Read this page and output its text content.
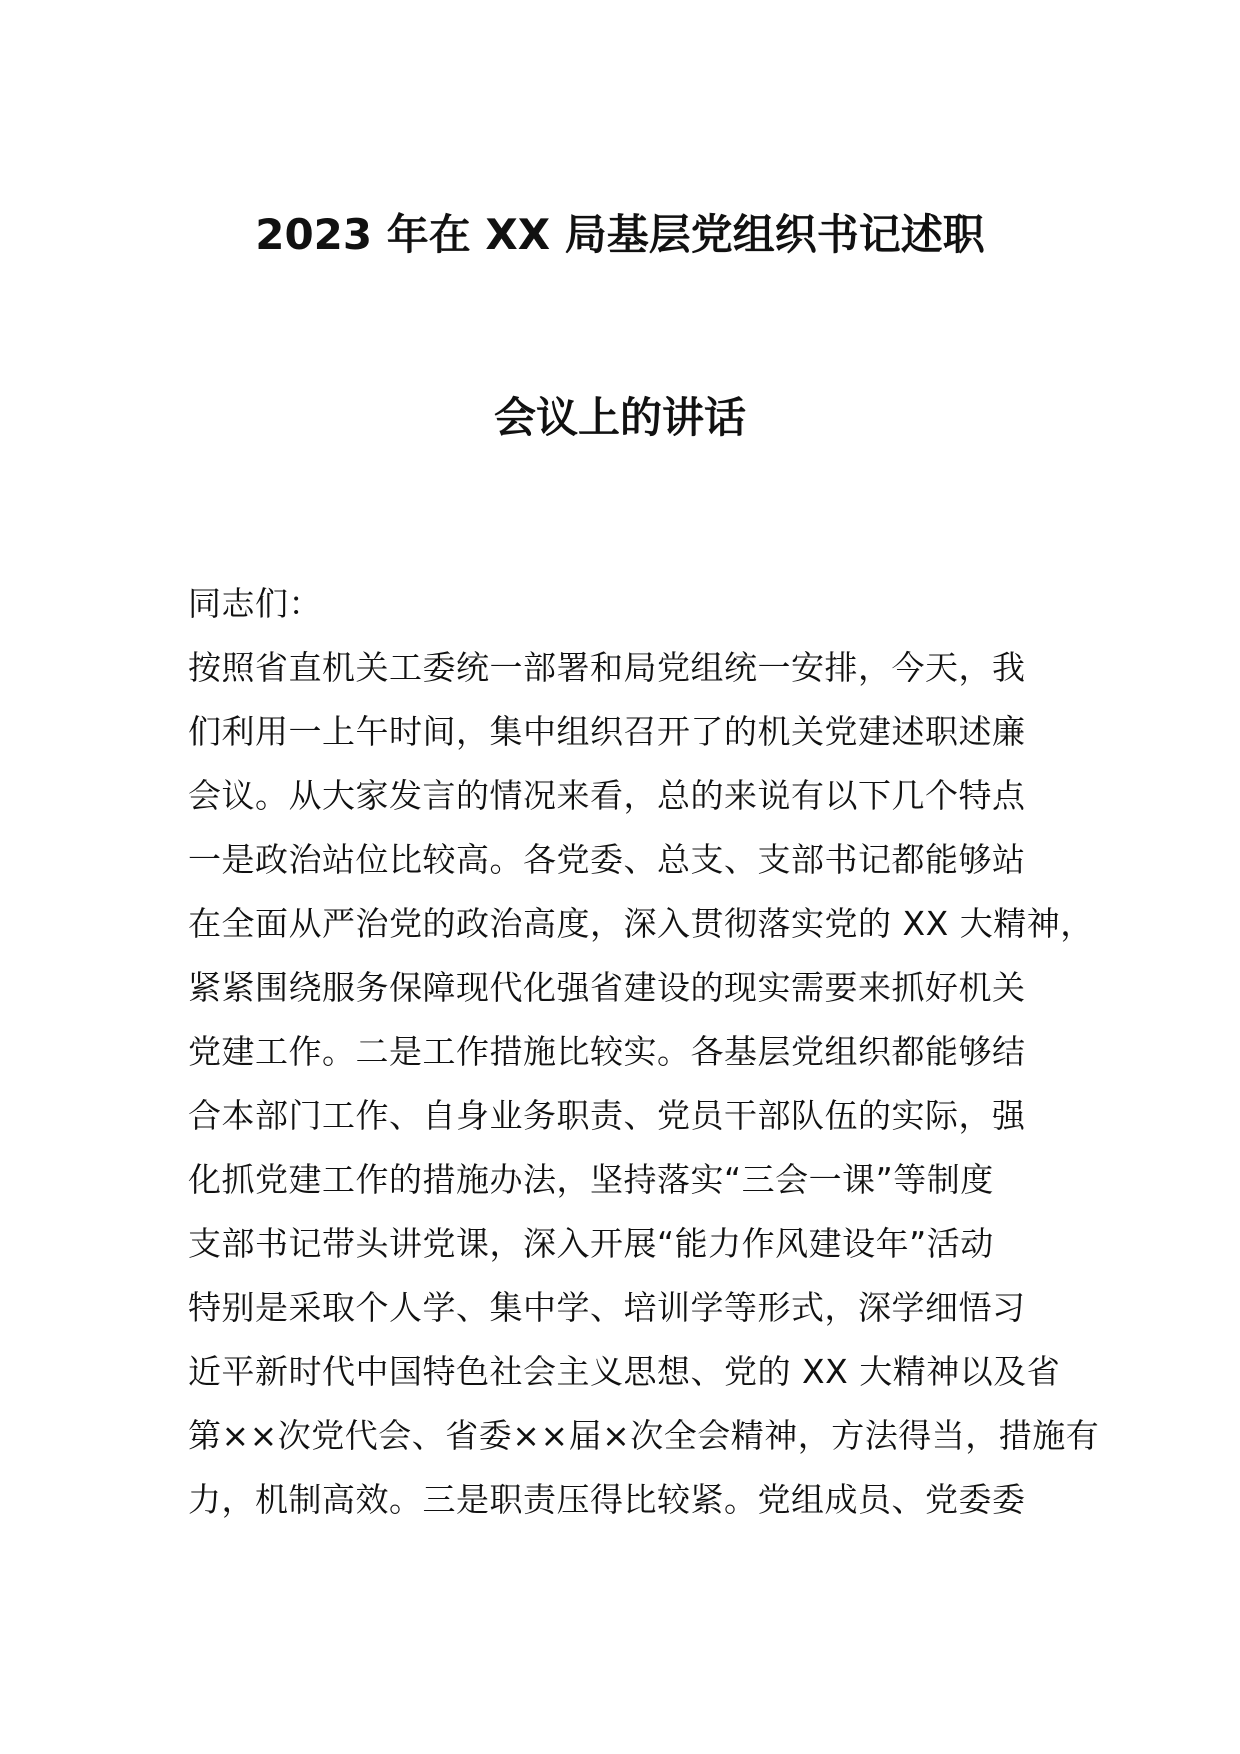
2023 年在 XX 局基层党组织书记述职
会议上的讲话
同志们：
按照省直机关工委统一部署和局党组统一安排，今天，我
们利用一上午时间，集中组织召开了的机关党建述职述廉
会议。从大家发言的情况来看，总的来说有以下几个特点
一是政治站位比较高。各党委、总支、支部书记都能够站
在全面从严治党的政治高度，深入贯彻落实党的 XX 大精神，
紧紧围绕服务保障现代化强省建设的现实需要来抓好机关
党建工作。二是工作措施比较实。各基层党组织都能够结
合本部门工作、自身业务职责、党员干部队伍的实际，强
化抓党建工作的措施办法，坚持落实“三会一课”等制度
支部书记带头讲党课，深入开展“能力作风建设年”活动
特别是采取个人学、集中学、培训学等形式，深学细悟习
近平新时代中国特色社会主义思想、党的 XX 大精神以及省
第××次党代会、省委××届×次全会精神，方法得当，措施有
力，机制高效。三是职责压得比较紧。党组成员、党委委
